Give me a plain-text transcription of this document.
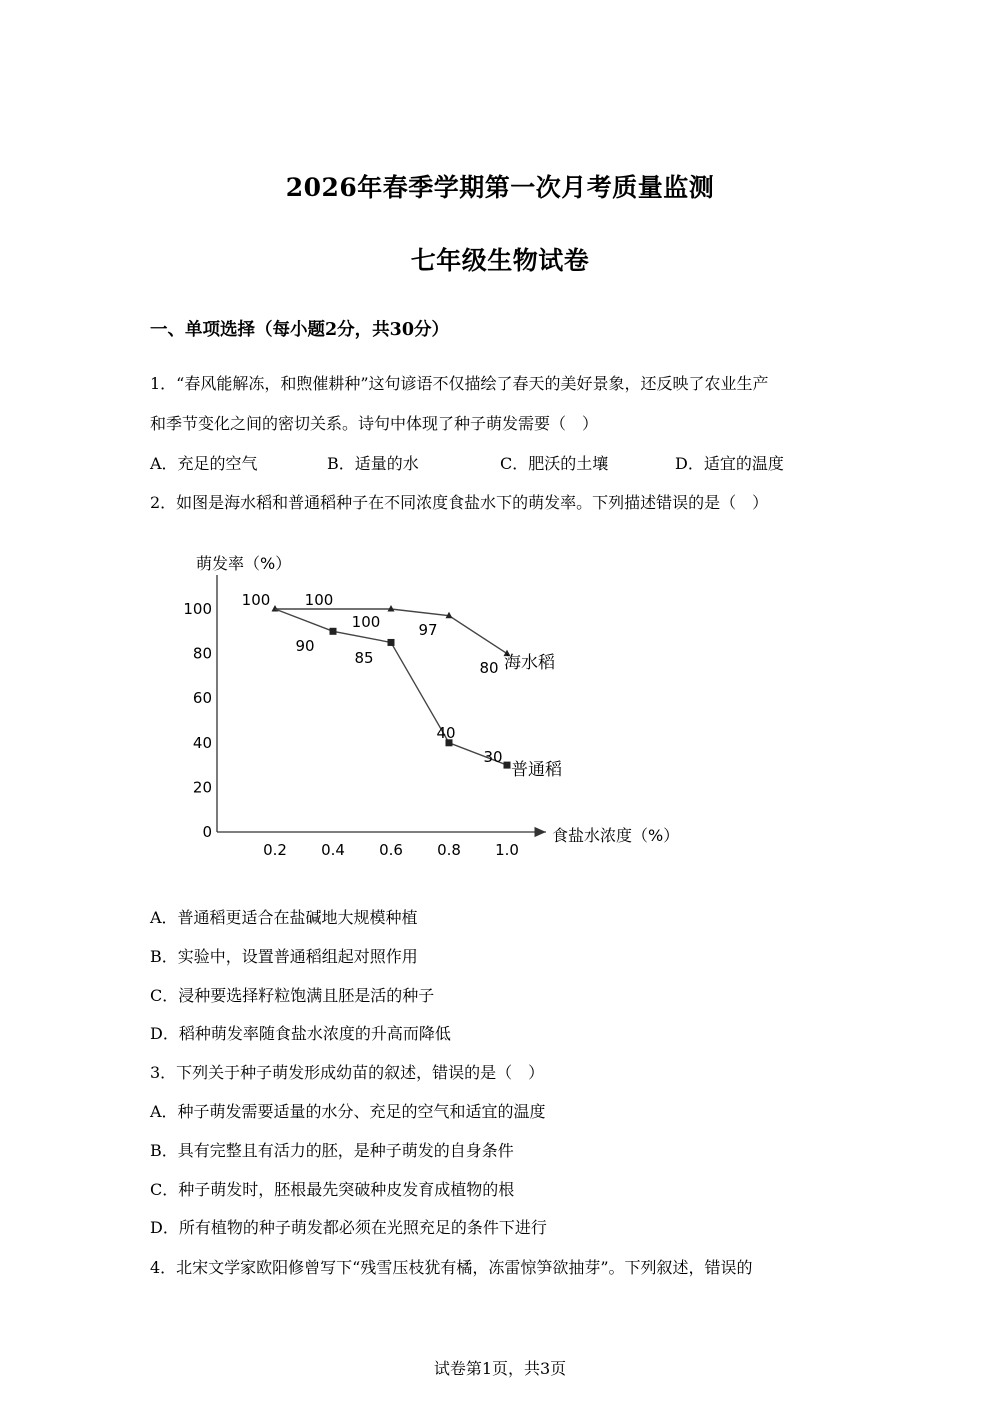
2026年春季学期第一次月考质量监测
七年级生物试卷
一、单项选择（每小题2分，共30分）
1．“春风能解冻，和煦催耕种”这句谚语不仅描绘了春天的美好景象，还反映了农业生产
和季节变化之间的密切关系。诗句中体现了种子萌发需要（　）
A．充足的空气	B．适量的水	C．肥沃的土壤	D．适宜的温度
2．如图是海水稻和普通稻种子在不同浓度食盐水下的萌发率。下列描述错误的是（　）
萌发率（%）
食盐水浓度（%）
0
20
40
60
80
100
0.2 0.4 0.6 0.8 1.0
100 100
100	97
80
90
85
40
30
海水稻
普通稻
A．普通稻更适合在盐碱地大规模种植
B．实验中，设置普通稻组起对照作用
C．浸种要选择籽粒饱满且胚是活的种子
D．稻种萌发率随食盐水浓度的升高而降低
3．下列关于种子萌发形成幼苗的叙述，错误的是（　）
A．种子萌发需要适量的水分、充足的空气和适宜的温度
B．具有完整且有活力的胚，是种子萌发的自身条件
C．种子萌发时，胚根最先突破种皮发育成植物的根
D．所有植物的种子萌发都必须在光照充足的条件下进行
4．北宋文学家欧阳修曾写下“残雪压枝犹有橘，冻雷惊笋欲抽芽”。下列叙述，错误的
试卷第1页，共3页
